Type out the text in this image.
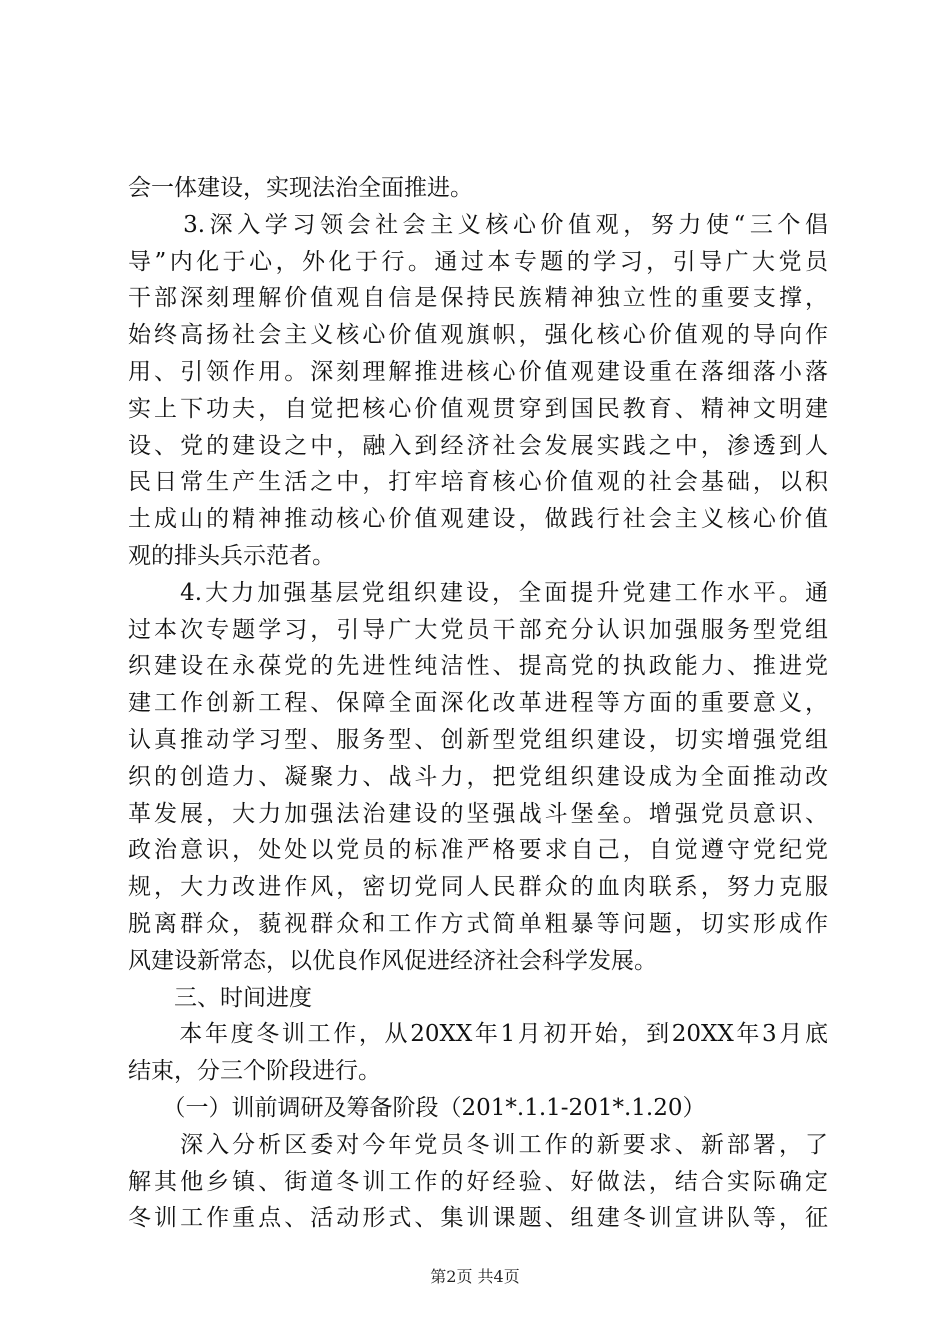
会一体建设，实现法治全面推进。
　　3.深入学习领会社会主义核心价值观，努力使“三个倡
导”内化于心，外化于行。通过本专题的学习，引导广大党员
干部深刻理解价值观自信是保持民族精神独立性的重要支撑，
始终高扬社会主义核心价值观旗帜，强化核心价值观的导向作
用、引领作用。深刻理解推进核心价值观建设重在落细落小落
实上下功夫，自觉把核心价值观贯穿到国民教育、精神文明建
设、党的建设之中，融入到经济社会发展实践之中，渗透到人
民日常生产生活之中，打牢培育核心价值观的社会基础，以积
土成山的精神推动核心价值观建设，做践行社会主义核心价值
观的排头兵示范者。
　　4.大力加强基层党组织建设，全面提升党建工作水平。通
过本次专题学习，引导广大党员干部充分认识加强服务型党组
织建设在永葆党的先进性纯洁性、提高党的执政能力、推进党
建工作创新工程、保障全面深化改革进程等方面的重要意义，
认真推动学习型、服务型、创新型党组织建设，切实增强党组
织的创造力、凝聚力、战斗力，把党组织建设成为全面推动改
革发展，大力加强法治建设的坚强战斗堡垒。增强党员意识、
政治意识，处处以党员的标准严格要求自己，自觉遵守党纪党
规，大力改进作风，密切党同人民群众的血肉联系，努力克服
脱离群众，藐视群众和工作方式简单粗暴等问题，切实形成作
风建设新常态，以优良作风促进经济社会科学发展。
　　三、时间进度
　　本年度冬训工作，从20XX年1月初开始，到20XX年3月底
结束，分三个阶段进行。
　　（一）训前调研及筹备阶段（201*.1.1-201*.1.20）
　　深入分析区委对今年党员冬训工作的新要求、新部署，了
解其他乡镇、街道冬训工作的好经验、好做法，结合实际确定
冬训工作重点、活动形式、集训课题、组建冬训宣讲队等，征
第2页 共4页
